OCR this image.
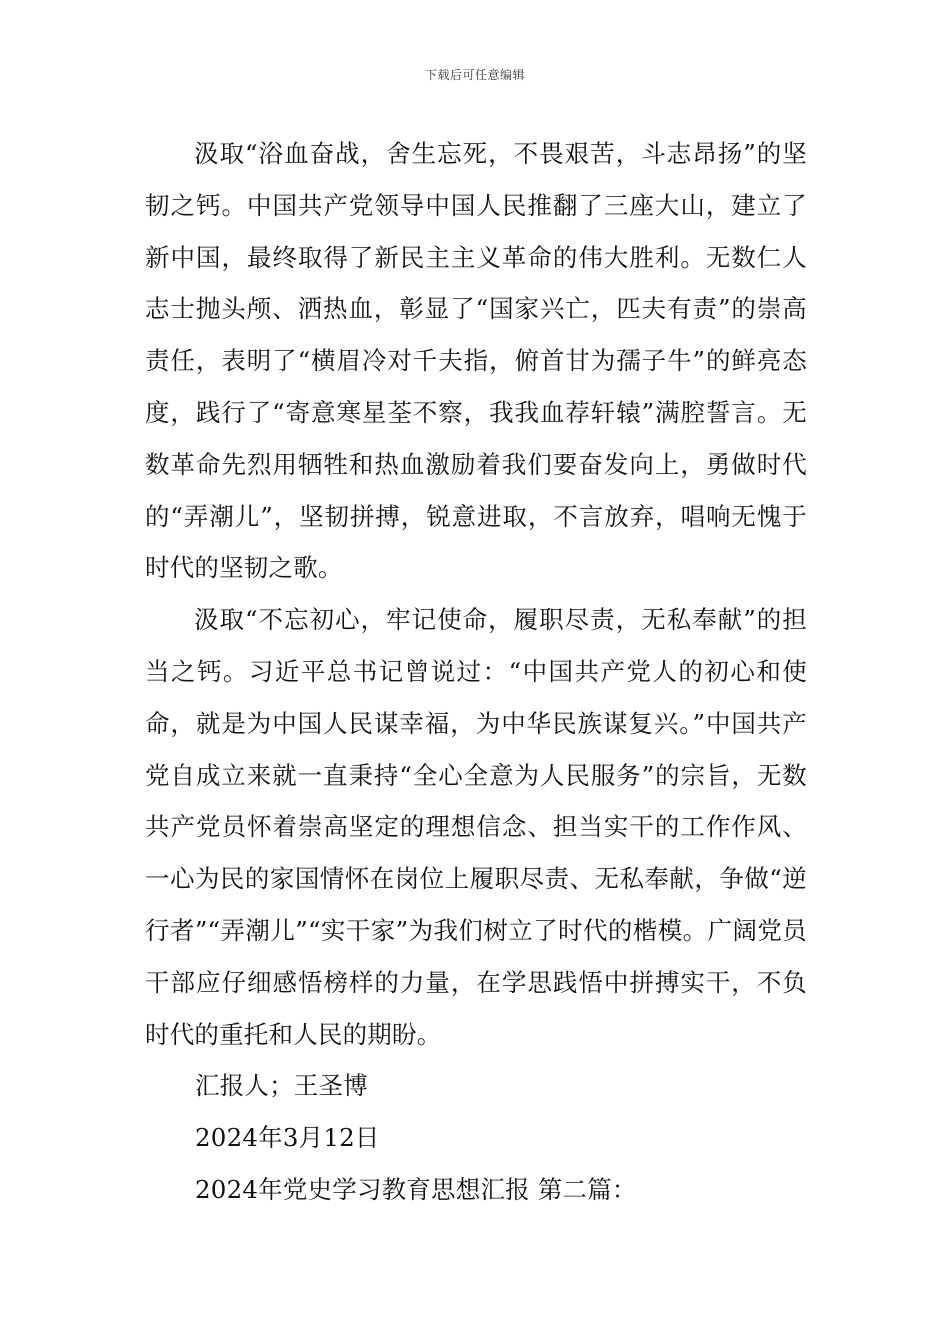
下载后可任意编辑

汲取“浴血奋战，舍生忘死，不畏艰苦，斗志昂扬”的坚韧之钙。中国共产党领导中国人民推翻了三座大山，建立了新中国，最终取得了新民主主义革命的伟大胜利。无数仁人志士抛头颅、洒热血，彰显了“国家兴亡，匹夫有责”的崇高责任，表明了“横眉冷对千夫指，俯首甘为孺子牛”的鲜亮态度，践行了“寄意寒星荃不察，我我血荐轩辕”满腔誓言。无数革命先烈用牺牲和热血激励着我们要奋发向上，勇做时代的“弄潮儿”，坚韧拼搏，锐意进取，不言放弃，唱响无愧于时代的坚韧之歌。

汲取“不忘初心，牢记使命，履职尽责，无私奉献”的担当之钙。习近平总书记曾说过：“中国共产党人的初心和使命，就是为中国人民谋幸福，为中华民族谋复兴。”中国共产党自成立来就一直秉持“全心全意为人民服务”的宗旨，无数共产党员怀着崇高坚定的理想信念、担当实干的工作作风、一心为民的家国情怀在岗位上履职尽责、无私奉献，争做“逆行者”“弄潮儿”“实干家”为我们树立了时代的楷模。广阔党员干部应仔细感悟榜样的力量，在学思践悟中拼搏实干，不负时代的重托和人民的期盼。

汇报人；王圣博

2024年3月12日

2024年党史学习教育思想汇报 第二篇：
